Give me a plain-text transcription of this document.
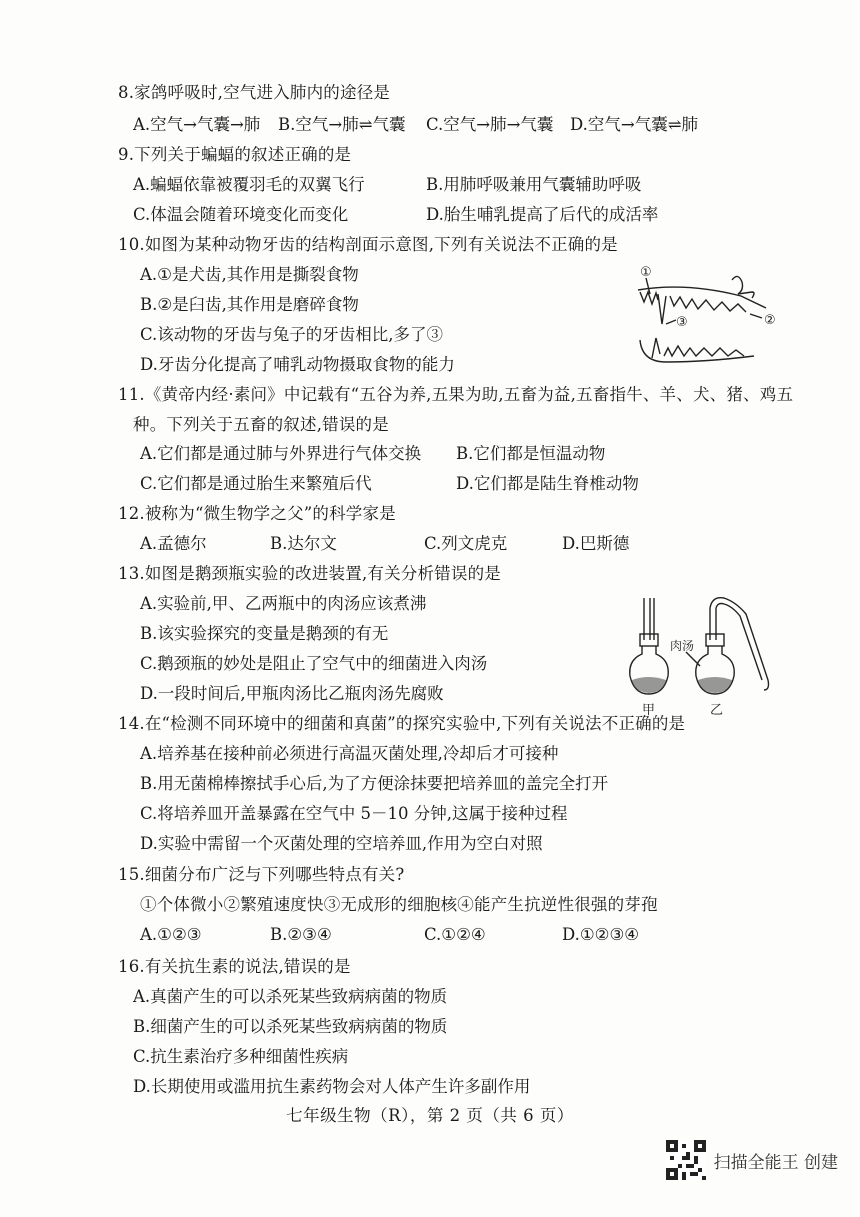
8.家鸽呼吸时,空气进入肺内的途径是
A.空气→气囊→肺 B.空气→肺⇌气囊 C.空气→肺→气囊 D.空气→气囊⇌肺
9.下列关于蝙蝠的叙述正确的是
A.蝙蝠依靠被覆羽毛的双翼飞行	B.用肺呼吸兼用气囊辅助呼吸
C.体温会随着环境变化而变化	D.胎生哺乳提高了后代的成活率
10.如图为某种动物牙齿的结构剖面示意图,下列有关说法不正确的是
A.①是犬齿,其作用是撕裂食物
B.②是臼齿,其作用是磨碎食物
C.该动物的牙齿与兔子的牙齿相比,多了③
D.牙齿分化提高了哺乳动物摄取食物的能力
①
②
③
11.《黄帝内经·素问》中记载有“五谷为养,五果为助,五畜为益,五畜指牛、羊、犬、猪、鸡五
种。下列关于五畜的叙述,错误的是
A.它们都是通过肺与外界进行气体交换 B.它们都是恒温动物
C.它们都是通过胎生来繁殖后代	D.它们都是陆生脊椎动物
12.被称为“微生物学之父”的科学家是
A.孟德尔	B.达尔文	C.列文虎克	D.巴斯德
13.如图是鹅颈瓶实验的改进装置,有关分析错误的是
A.实验前,甲、乙两瓶中的肉汤应该煮沸
B.该实验探究的变量是鹅颈的有无
C.鹅颈瓶的妙处是阻止了空气中的细菌进入肉汤
D.一段时间后,甲瓶肉汤比乙瓶肉汤先腐败
肉汤
甲	乙
14.在“检测不同环境中的细菌和真菌”的探究实验中,下列有关说法不正确的是
A.培养基在接种前必须进行高温灭菌处理,冷却后才可接种
B.用无菌棉棒擦拭手心后,为了方便涂抹要把培养皿的盖完全打开
C.将培养皿开盖暴露在空气中 5－10 分钟,这属于接种过程
D.实验中需留一个灭菌处理的空培养皿,作用为空白对照
15.细菌分布广泛与下列哪些特点有关?
①个体微小②繁殖速度快③无成形的细胞核④能产生抗逆性很强的芽孢
A.①②③	B.②③④	C.①②④	D.①②③④
16.有关抗生素的说法,错误的是
A.真菌产生的可以杀死某些致病病菌的物质
B.细菌产生的可以杀死某些致病病菌的物质
C.抗生素治疗多种细菌性疾病
D.长期使用或滥用抗生素药物会对人体产生许多副作用
七年级生物（R），第 2 页（共 6 页）
扫描全能王 创建
